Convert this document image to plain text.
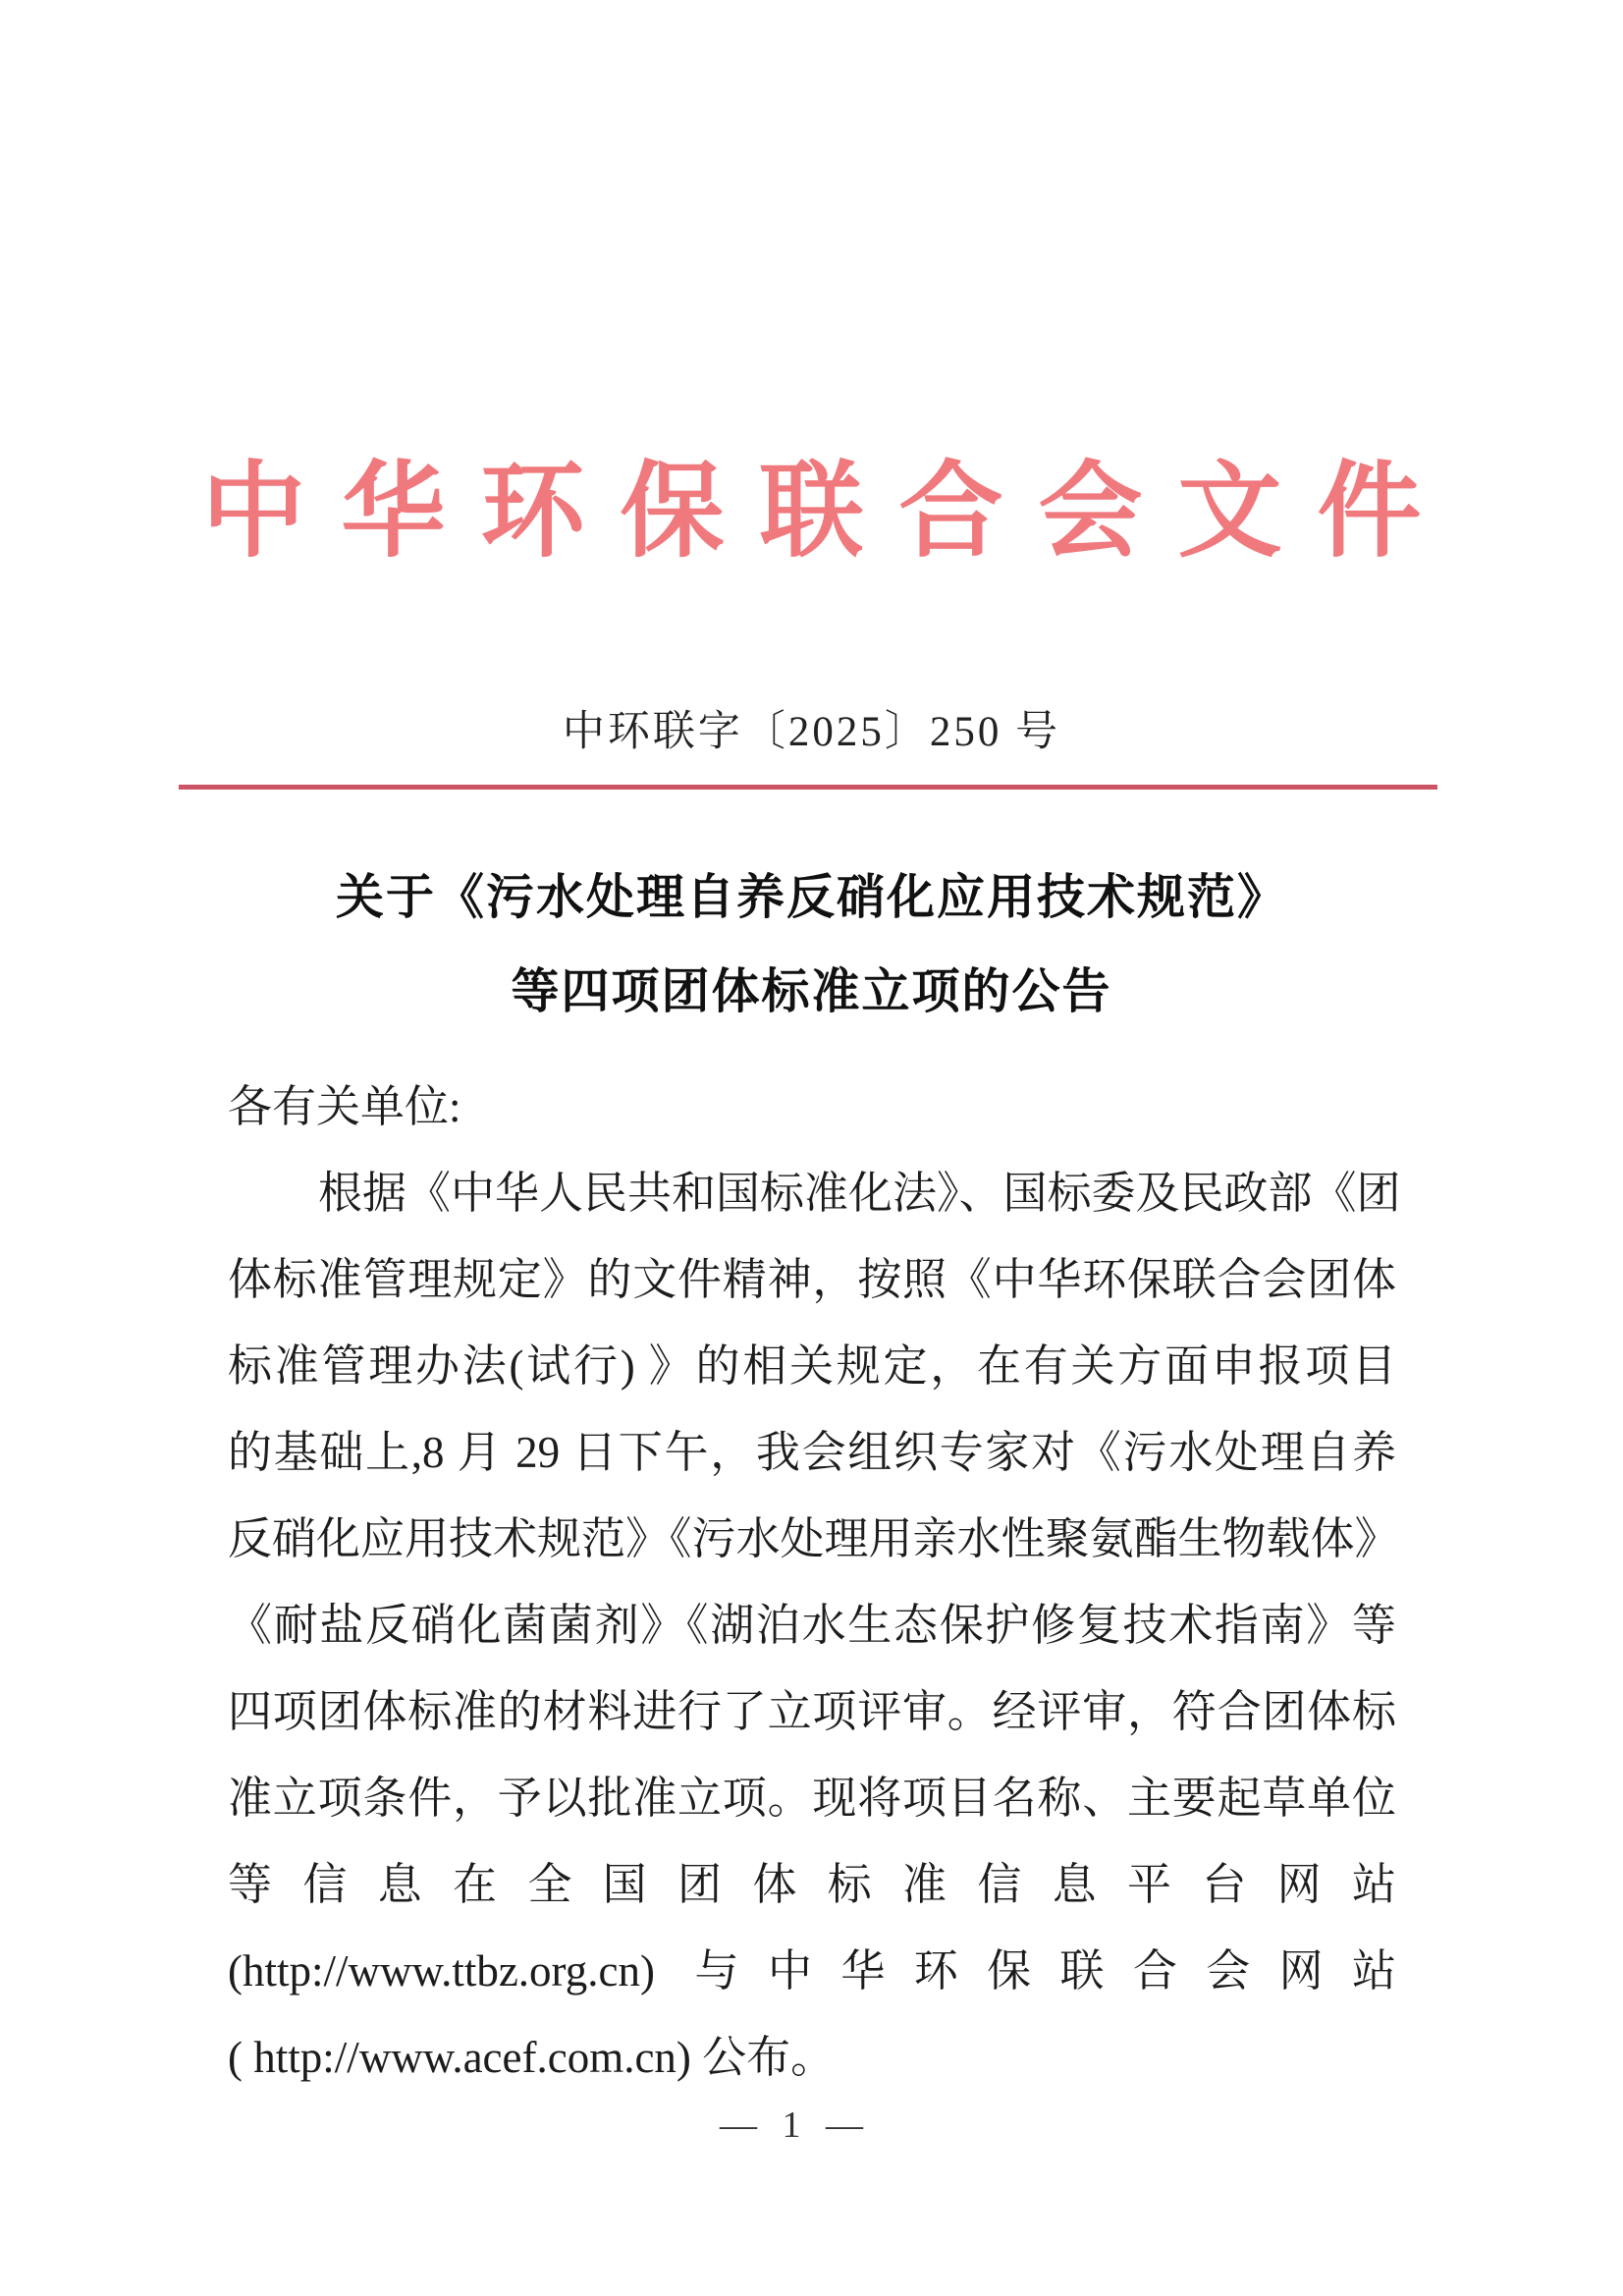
中华环保联合会文件
中环联字〔2025〕250 号
关于《污水处理自养反硝化应用技术规范》
等四项团体标准立项的公告
各有关单位:
根据《中华人民共和国标准化法》、国标委及民政部《团
体标准管理规定》的文件精神，按照《中华环保联合会团体
标准管理办法(试行) 》的相关规定，在有关方面申报项目
的基础上,8 月 29 日下午，我会组织专家对《污水处理自养
反硝化应用技术规范》《污水处理用亲水性聚氨酯生物载体》
《耐盐反硝化菌菌剂》《湖泊水生态保护修复技术指南》等
四项团体标准的材料进行了立项评审。经评审，符合团体标
准立项条件，予以批准立项。现将项目名称、主要起草单位
等信息在全国团体标准信息平台网站
(http://www.ttbz.org.cn) 与中华环保联合会网站
( http://www.acef.com.cn) 公布。
— 1 —
